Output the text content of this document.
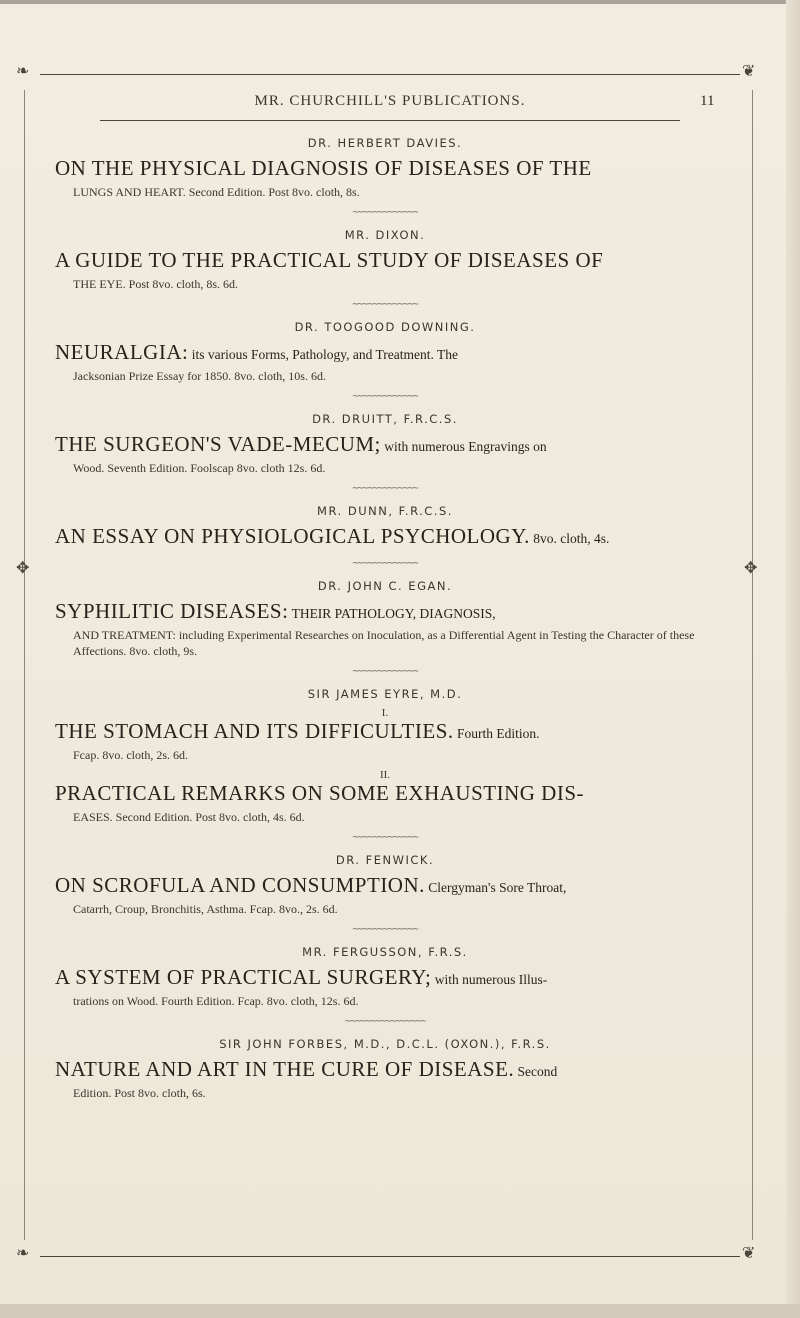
❧	❦
❧	❦
✥	✥
MR. CHURCHILL'S PUBLICATIONS.	11

DR. HERBERT DAVIES.

ON THE PHYSICAL DIAGNOSIS OF DISEASES OF THE

LUNGS AND HEART. Second Edition. Post 8vo. cloth, 8s.

~~~~~~~~~~~~~

MR. DIXON.

A GUIDE TO THE PRACTICAL STUDY OF DISEASES OF

THE EYE. Post 8vo. cloth, 8s. 6d.

~~~~~~~~~~~~~

DR. TOOGOOD DOWNING.

NEURALGIA: its various Forms, Pathology, and Treatment. The

Jacksonian Prize Essay for 1850. 8vo. cloth, 10s. 6d.

~~~~~~~~~~~~~

DR. DRUITT, F.R.C.S.

THE SURGEON'S VADE-MECUM; with numerous Engravings on

Wood. Seventh Edition. Foolscap 8vo. cloth 12s. 6d.

~~~~~~~~~~~~~

MR. DUNN, F.R.C.S.

AN ESSAY ON PHYSIOLOGICAL PSYCHOLOGY. 8vo. cloth, 4s.

~~~~~~~~~~~~~

DR. JOHN C. EGAN.

SYPHILITIC DISEASES: THEIR PATHOLOGY, DIAGNOSIS,

AND TREATMENT: including Experimental Researches on Inoculation, as a Differential Agent in Testing the Character of these Affections. 8vo. cloth, 9s.

~~~~~~~~~~~~~

SIR JAMES EYRE, M.D.

I.

THE STOMACH AND ITS DIFFICULTIES. Fourth Edition.

Fcap. 8vo. cloth, 2s. 6d.

II.

PRACTICAL REMARKS ON SOME EXHAUSTING DIS-

EASES. Second Edition. Post 8vo. cloth, 4s. 6d.

~~~~~~~~~~~~~

DR. FENWICK.

ON SCROFULA AND CONSUMPTION. Clergyman's Sore Throat,

Catarrh, Croup, Bronchitis, Asthma. Fcap. 8vo., 2s. 6d.

~~~~~~~~~~~~~

MR. FERGUSSON, F.R.S.

A SYSTEM OF PRACTICAL SURGERY; with numerous Illus-

trations on Wood. Fourth Edition. Fcap. 8vo. cloth, 12s. 6d.

~~~~~~~~~~~~~~~~

SIR JOHN FORBES, M.D., D.C.L. (OXON.), F.R.S.

NATURE AND ART IN THE CURE OF DISEASE. Second

Edition. Post 8vo. cloth, 6s.
